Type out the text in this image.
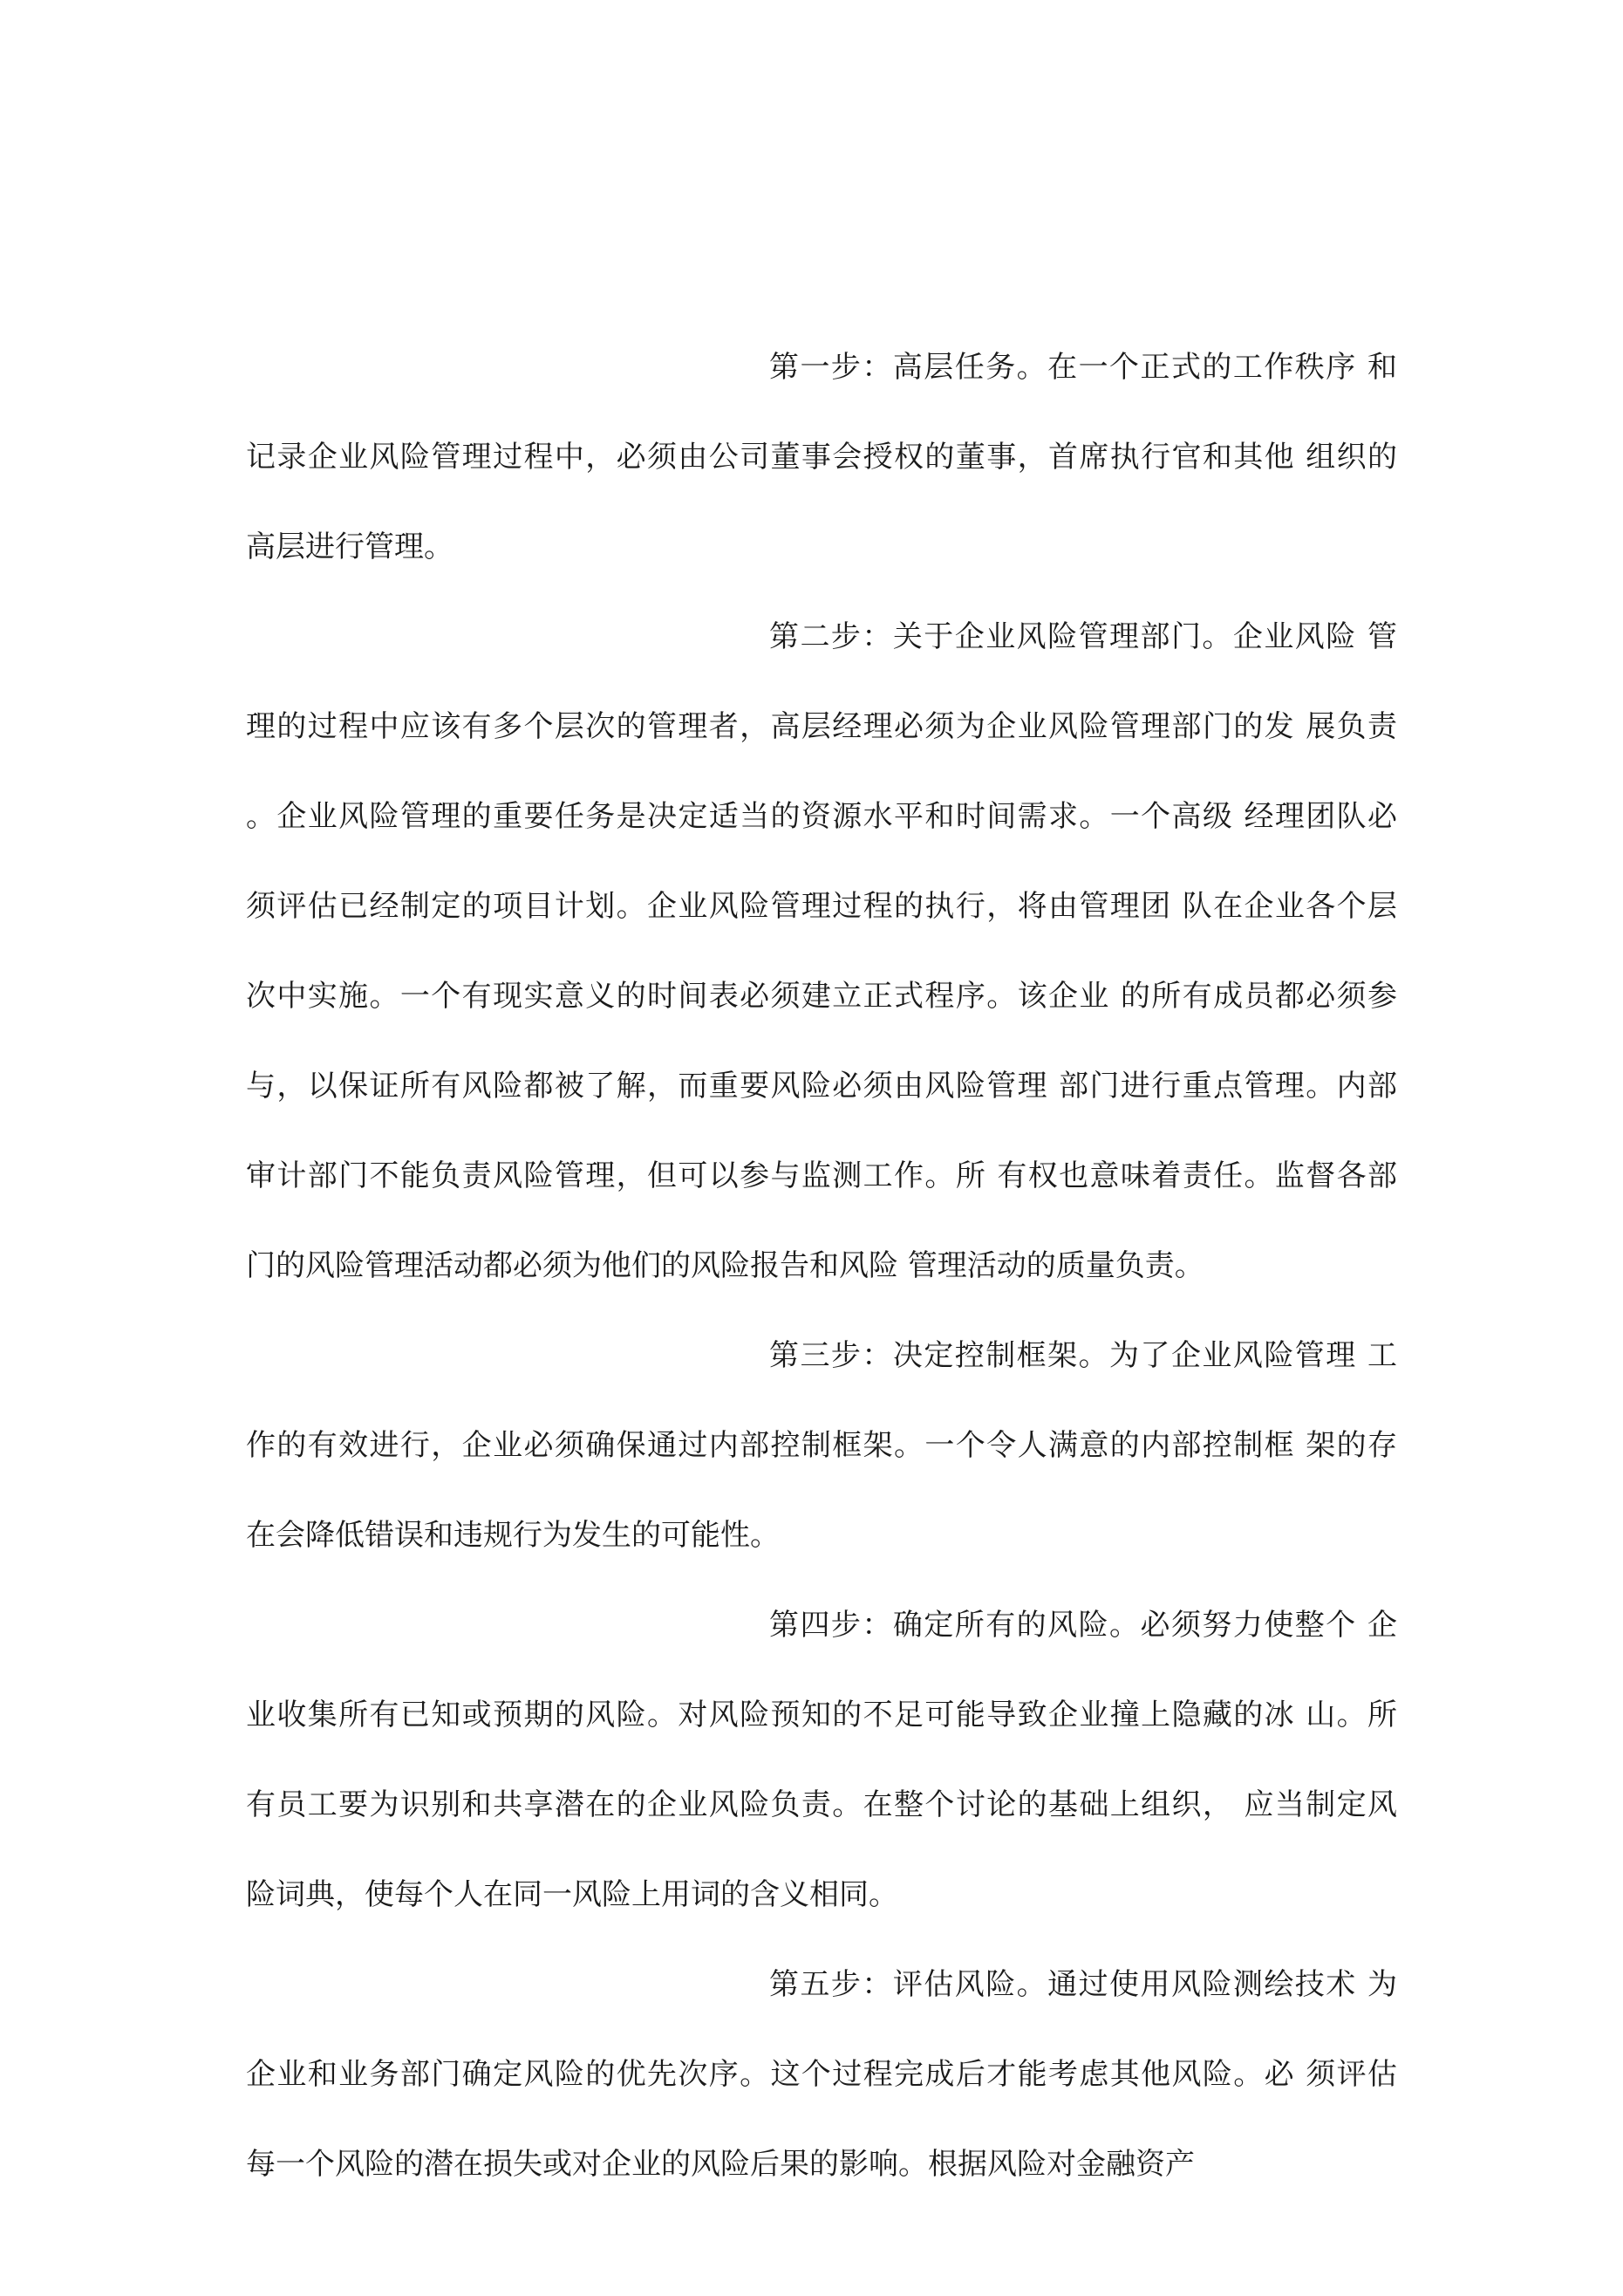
第一步：高层任务。在一个正式的工作秩序 和
记录企业风险管理过程中，必须由公司董事会授权的董事，首席执行官和其他 组织的
高层进行管理。
第二步：关于企业风险管理部门。企业风险 管
理的过程中应该有多个层次的管理者，高层经理必须为企业风险管理部门的发 展负责
。企业风险管理的重要任务是决定适当的资源水平和时间需求。一个高级 经理团队必
须评估已经制定的项目计划。企业风险管理过程的执行，将由管理团 队在企业各个层
次中实施。一个有现实意义的时间表必须建立正式程序。该企业 的所有成员都必须参
与，以保证所有风险都被了解，而重要风险必须由风险管理 部门进行重点管理。内部
审计部门不能负责风险管理，但可以参与监测工作。所 有权也意味着责任。监督各部
门的风险管理活动都必须为他们的风险报告和风险 管理活动的质量负责。
第三步：决定控制框架。为了企业风险管理 工
作的有效进行，企业必须确保通过内部控制框架。一个令人满意的内部控制框 架的存
在会降低错误和违规行为发生的可能性。
第四步：确定所有的风险。必须努力使整个 企
业收集所有已知或预期的风险。对风险预知的不足可能导致企业撞上隐藏的冰 山。所
有员工要为识别和共享潜在的企业风险负责。在整个讨论的基础上组织， 应当制定风
险词典，使每个人在同一风险上用词的含义相同。
第五步：评估风险。通过使用风险测绘技术 为
企业和业务部门确定风险的优先次序。这个过程完成后才能考虑其他风险。必 须评估
每一个风险的潜在损失或对企业的风险后果的影响。根据风险对金融资产
